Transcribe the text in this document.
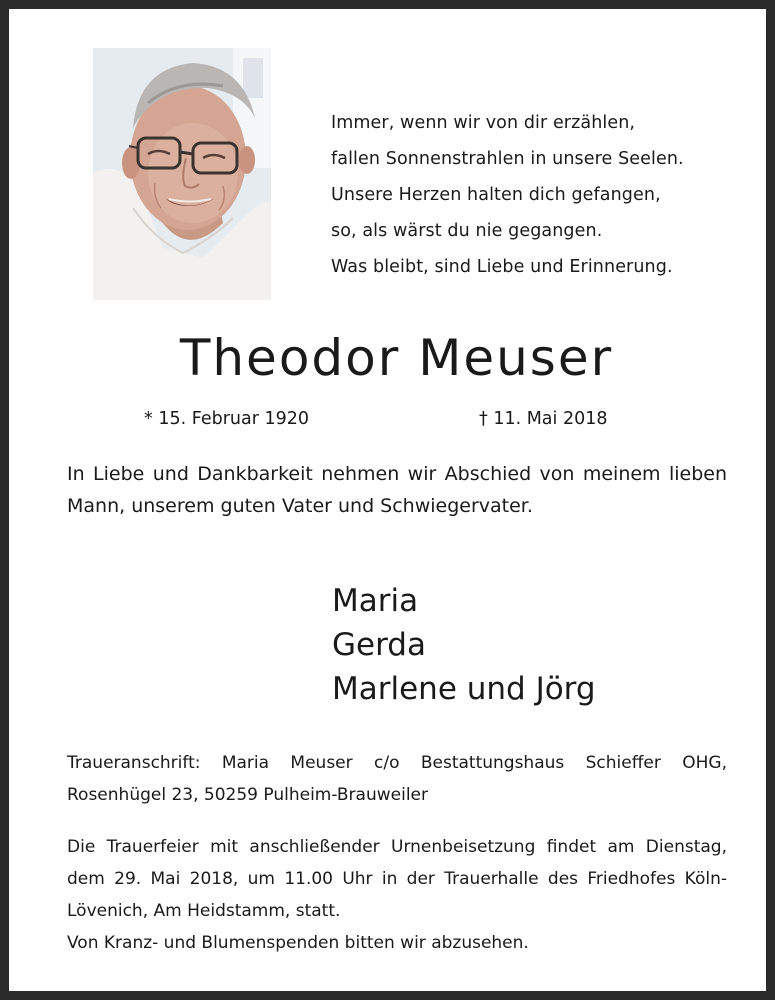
Immer, wenn wir von dir erzählen,
fallen Sonnenstrahlen in unsere Seelen.
Unsere Herzen halten dich gefangen,
so, als wärst du nie gegangen.
Was bleibt, sind Liebe und Erinnerung.
Theodor Meuser
* 15. Februar 1920	† 11. Mai 2018
In Liebe und Dankbarkeit nehmen wir Abschied von meinem lieben Mann, unserem guten Vater und Schwiegervater.
Maria
Gerda
Marlene und Jörg
Traueranschrift: Maria Meuser c/o Bestattungshaus Schieffer OHG, Rosenhügel 23, 50259 Pulheim-Brauweiler
Die Trauerfeier mit anschließender Urnenbeisetzung findet am Dienstag, dem 29. Mai 2018, um 11.00 Uhr in der Trauerhalle des Friedhofes Köln-Lövenich, Am Heidstamm, statt.
Von Kranz- und Blumenspenden bitten wir abzusehen.
